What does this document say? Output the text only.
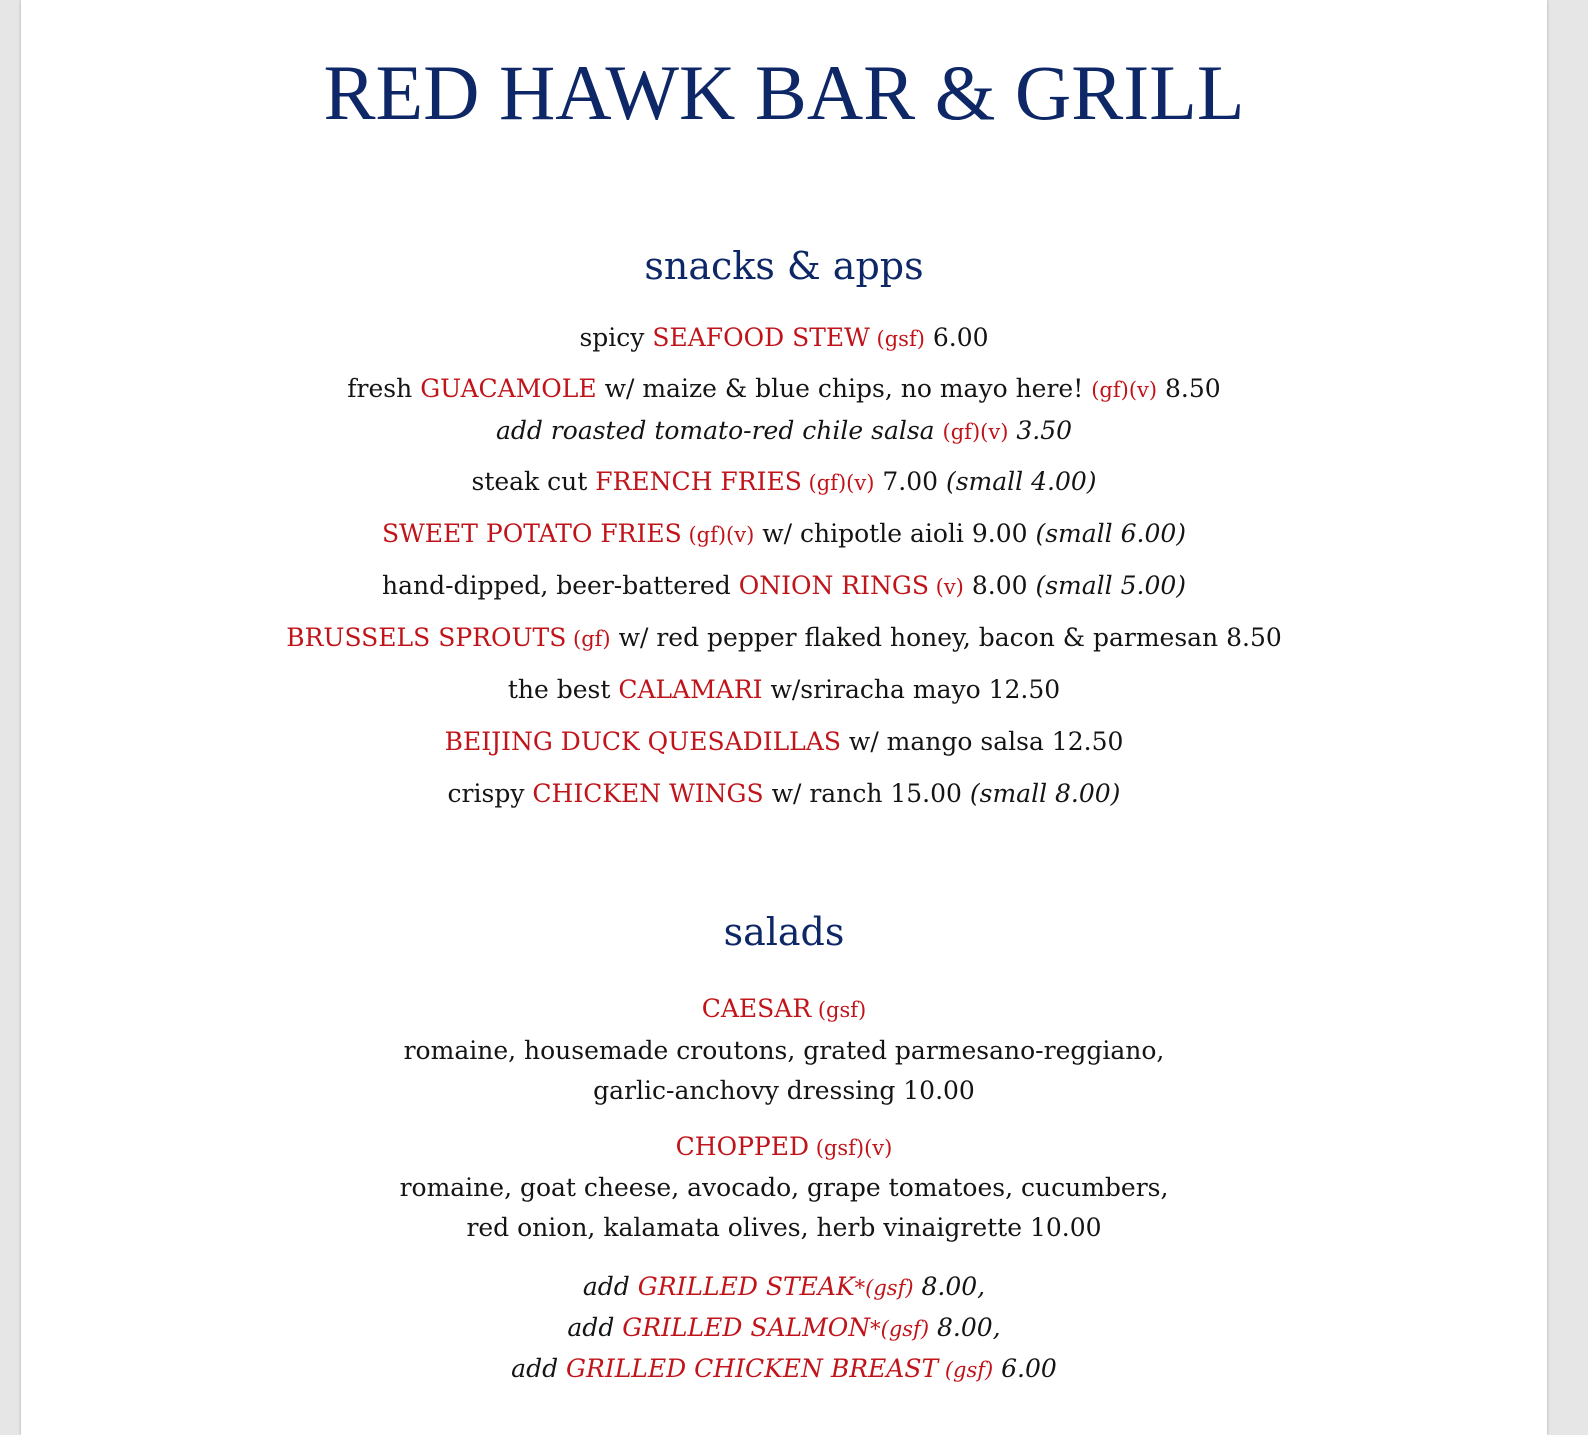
RED HAWK BAR & GRILL
snacks & apps
spicy SEAFOOD STEW (gsf) 6.00
fresh GUACAMOLE w/ maize & blue chips, no mayo here! (gf)(v) 8.50
add roasted tomato-red chile salsa (gf)(v) 3.50
steak cut FRENCH FRIES (gf)(v) 7.00 (small 4.00)
SWEET POTATO FRIES (gf)(v) w/ chipotle aioli 9.00 (small 6.00)
hand-dipped, beer-battered ONION RINGS (v) 8.00 (small 5.00)
BRUSSELS SPROUTS (gf) w/ red pepper flaked honey, bacon & parmesan 8.50
the best CALAMARI w/sriracha mayo 12.50
BEIJING DUCK QUESADILLAS w/ mango salsa 12.50
crispy CHICKEN WINGS w/ ranch 15.00 (small 8.00)
salads
CAESAR (gsf)
romaine, housemade croutons, grated parmesano-reggiano,
garlic-anchovy dressing 10.00
CHOPPED (gsf)(v)
romaine, goat cheese, avocado, grape tomatoes, cucumbers,
red onion, kalamata olives, herb vinaigrette 10.00
add GRILLED STEAK*(gsf) 8.00,
add GRILLED SALMON*(gsf) 8.00,
add GRILLED CHICKEN BREAST (gsf) 6.00
